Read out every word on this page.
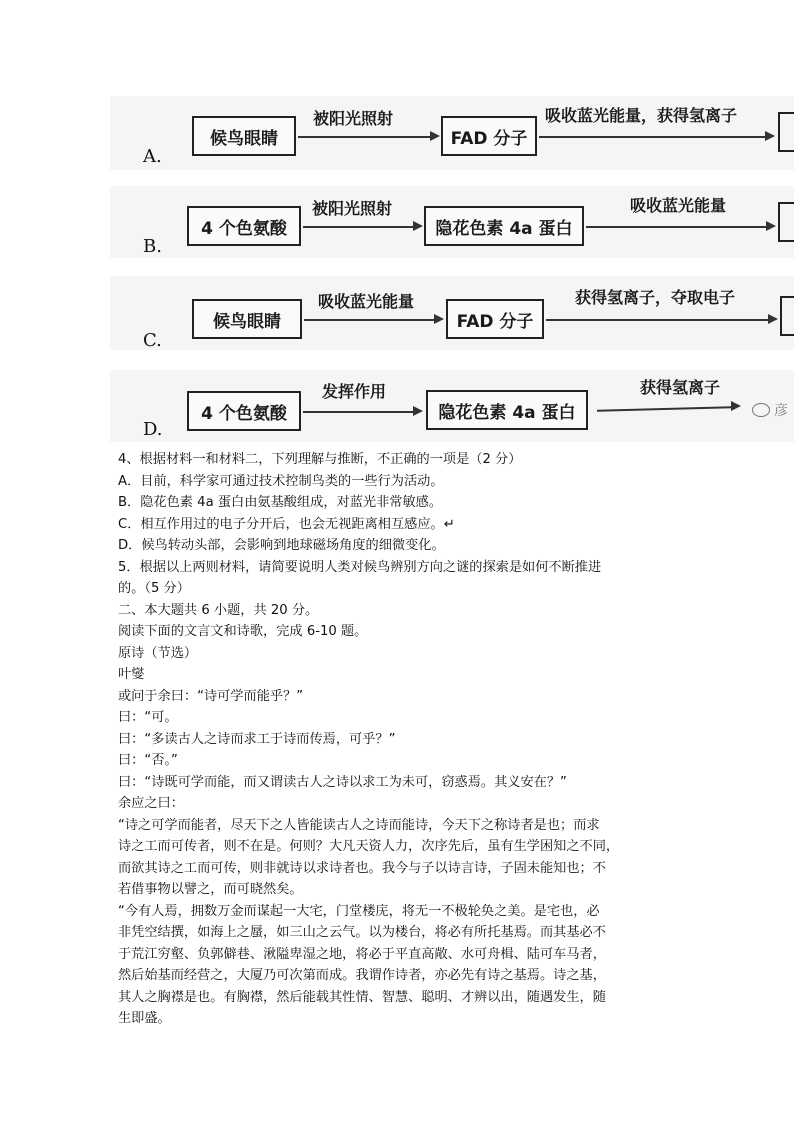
A.
候鸟眼睛
被阳光照射
FAD 分子
吸收蓝光能量，获得氢离子
B.
4 个色氨酸
被阳光照射
隐花色素 4a 蛋白
吸收蓝光能量
C.
候鸟眼睛
吸收蓝光能量
FAD 分子
获得氢离子，夺取电子
D.
4 个色氨酸
发挥作用
隐花色素 4a 蛋白
获得氢离子
彦

4、根据材料一和材料二，下列理解与推断，不正确的一项是（2 分）

A．目前，科学家可通过技术控制鸟类的一些行为活动。

B．隐花色素 4a 蛋白由氨基酸组成，对蓝光非常敏感。

C．相互作用过的电子分开后，也会无视距离相互感应。↵

D．候鸟转动头部，会影响到地球磁场角度的细微变化。

5．根据以上两则材料，请简要说明人类对候鸟辨别方向之谜的探索是如何不断推进

的。（5 分）

二、本大题共 6 小题，共 20 分。

阅读下面的文言文和诗歌，完成 6-10 题。

原诗（节选）

叶燮

或问于余曰：“诗可学而能乎？”

曰：“可。

曰：“多读古人之诗而求工于诗而传焉，可乎？”

曰：“否。”

曰：“诗既可学而能，而又谓读古人之诗以求工为未可，窃惑焉。其义安在？”

余应之曰：

“诗之可学而能者，尽天下之人皆能读古人之诗而能诗，今天下之称诗者是也；而求

诗之工而可传者，则不在是。何则？大凡天资人力，次序先后，虽有生学困知之不同，

而欲其诗之工而可传，则非就诗以求诗者也。我今与子以诗言诗，子固未能知也；不

若借事物以譬之，而可晓然矣。

“今有人焉，拥数万金而谋起一大宅，门堂楼庑，将无一不极轮奂之美。是宅也，必

非凭空结撰，如海上之蜃，如三山之云气。以为楼台，将必有所托基焉。而其基必不

于荒江穷壑、负郭僻巷、湫隘卑湿之地，将必于平直高敞、水可舟楫、陆可车马者，

然后始基而经营之，大厦乃可次第而成。我谓作诗者，亦必先有诗之基焉。诗之基，

其人之胸襟是也。有胸襟，然后能载其性情、智慧、聪明、才辨以出，随遇发生，随

生即盛。
